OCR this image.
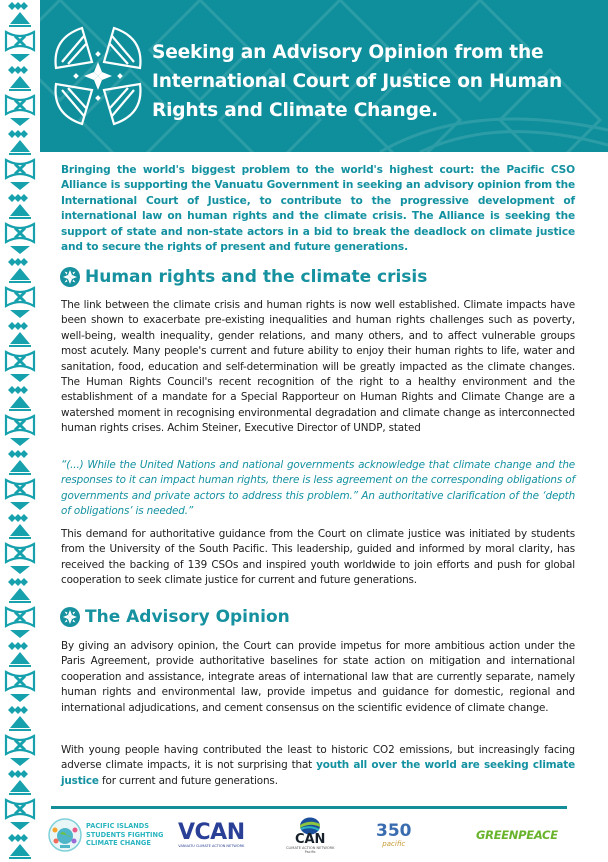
Seeking an Advisory Opinion from the International Court of Justice on Human Rights and Climate Change.

Bringing the world's biggest problem to the world's highest court: the Pacific CSO Alliance is supporting the Vanuatu Government in seeking an advisory opinion from the International Court of Justice, to contribute to the progressive development of international law on human rights and the climate crisis. The Alliance is seeking the support of state and non-state actors in a bid to break the deadlock on climate justice and to secure the rights of present and future generations.

Human rights and the climate crisis

The link between the climate crisis and human rights is now well established. Climate impacts have been shown to exacerbate pre-existing inequalities and human rights challenges such as poverty, well-being, wealth inequality, gender relations, and many others, and to affect vulnerable groups most acutely. Many people's current and future ability to enjoy their human rights to life, water and sanitation, food, education and self-determination will be greatly impacted as the climate changes. The Human Rights Council's recent recognition of the right to a healthy environment and the establishment of a mandate for a Special Rapporteur on Human Rights and Climate Change are a watershed moment in recognising environmental degradation and climate change as interconnected human rights crises. Achim Steiner, Executive Director of UNDP, stated

“(...) While the United Nations and national governments acknowledge that climate change and the responses to it can impact human rights, there is less agreement on the corresponding obligations of governments and private actors to address this problem.” An authoritative clarification of the ‘depth of obligations’ is needed.”

This demand for authoritative guidance from the Court on climate justice was initiated by students from the University of the South Pacific. This leadership, guided and informed by moral clarity, has received the backing of 139 CSOs and inspired youth worldwide to join efforts and push for global cooperation to seek climate justice for current and future generations.

The Advisory Opinion

By giving an advisory opinion, the Court can provide impetus for more ambitious action under the Paris Agreement, provide authoritative baselines for state action on mitigation and international cooperation and assistance, integrate areas of international law that are currently separate, namely human rights and environmental law, provide impetus and guidance for domestic, regional and international adjudications, and cement consensus on the scientific evidence of climate change.

With young people having contributed the least to historic CO2 emissions, but increasingly facing adverse climate impacts, it is not surprising that youth all over the world are seeking climate justice for current and future generations.

PACIFIC ISLANDS
STUDENTS FIGHTING
CLIMATE CHANGE	VCAN
VANUATU CLIMATE ACTION NETWORK	CAN
CLIMATE ACTION NETWORK
Pacific
350
pacific
GREENPEACE
